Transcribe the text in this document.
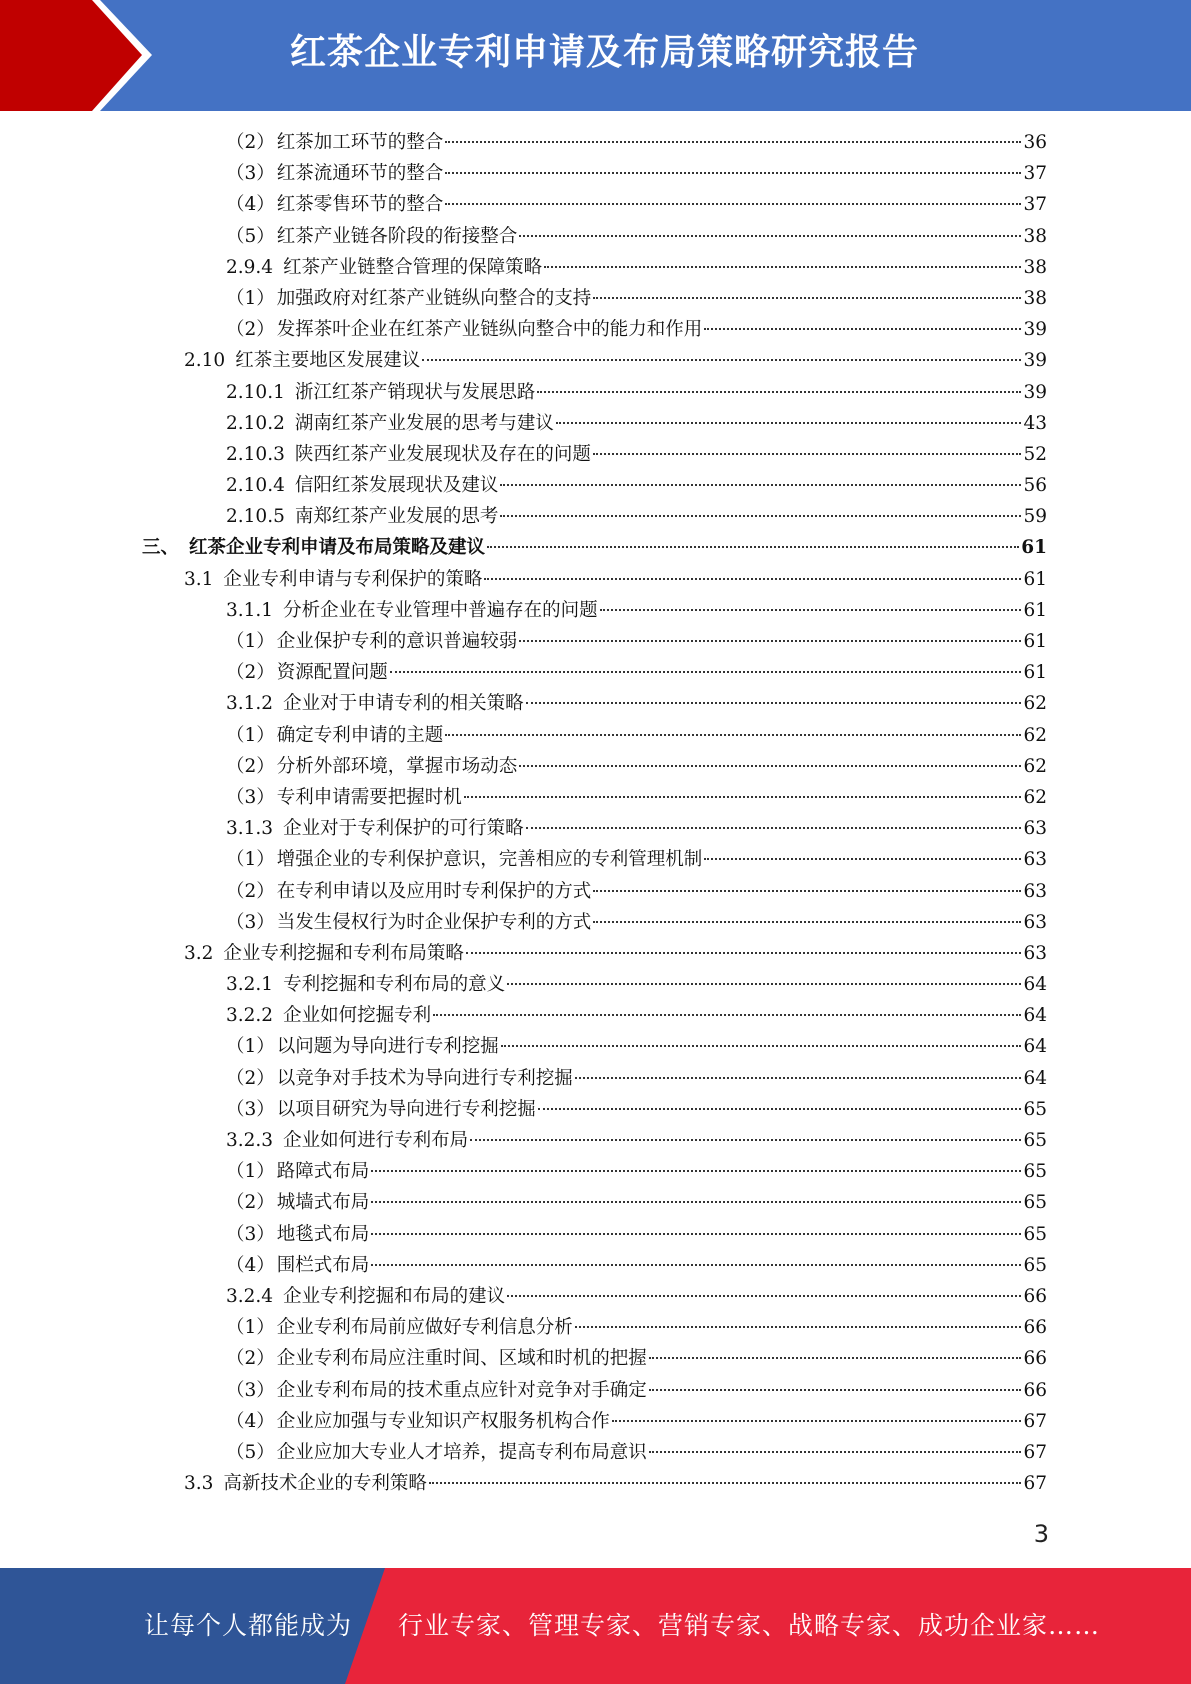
红茶企业专利申请及布局策略研究报告
（2） 红茶加工环节的整合	36
（3） 红茶流通环节的整合	37
（4） 红茶零售环节的整合	37
（5） 红茶产业链各阶段的衔接整合	38
2.9.4 红茶产业链整合管理的保障策略	38
（1） 加强政府对红茶产业链纵向整合的支持	38
（2） 发挥茶叶企业在红茶产业链纵向整合中的能力和作用	39
2.10 红茶主要地区发展建议	39
2.10.1 浙江红茶产销现状与发展思路	39
2.10.2 湖南红茶产业发展的思考与建议	43
2.10.3 陕西红茶产业发展现状及存在的问题	52
2.10.4 信阳红茶发展现状及建议	56
2.10.5 南郑红茶产业发展的思考	59
三、 红茶企业专利申请及布局策略及建议	61
3.1 企业专利申请与专利保护的策略	61
3.1.1 分析企业在专业管理中普遍存在的问题	61
（1） 企业保护专利的意识普遍较弱	61
（2） 资源配置问题	61
3.1.2 企业对于申请专利的相关策略	62
（1） 确定专利申请的主题	62
（2） 分析外部环境，掌握市场动态	62
（3） 专利申请需要把握时机	62
3.1.3 企业对于专利保护的可行策略	63
（1） 增强企业的专利保护意识，完善相应的专利管理机制	63
（2） 在专利申请以及应用时专利保护的方式	63
（3） 当发生侵权行为时企业保护专利的方式	63
3.2 企业专利挖掘和专利布局策略	63
3.2.1 专利挖掘和专利布局的意义	64
3.2.2 企业如何挖掘专利	64
（1） 以问题为导向进行专利挖掘	64
（2） 以竞争对手技术为导向进行专利挖掘	64
（3） 以项目研究为导向进行专利挖掘	65
3.2.3 企业如何进行专利布局	65
（1） 路障式布局	65
（2） 城墙式布局	65
（3） 地毯式布局	65
（4） 围栏式布局	65
3.2.4 企业专利挖掘和布局的建议	66
（1） 企业专利布局前应做好专利信息分析	66
（2） 企业专利布局应注重时间、区域和时机的把握	66
（3） 企业专利布局的技术重点应针对竞争对手确定	66
（4） 企业应加强与专业知识产权服务机构合作	67
（5） 企业应加大专业人才培养，提高专利布局意识	67
3.3 高新技术企业的专利策略	67
3
让每个人都能成为 行业专家、管理专家、营销专家、战略专家、成功企业家……
